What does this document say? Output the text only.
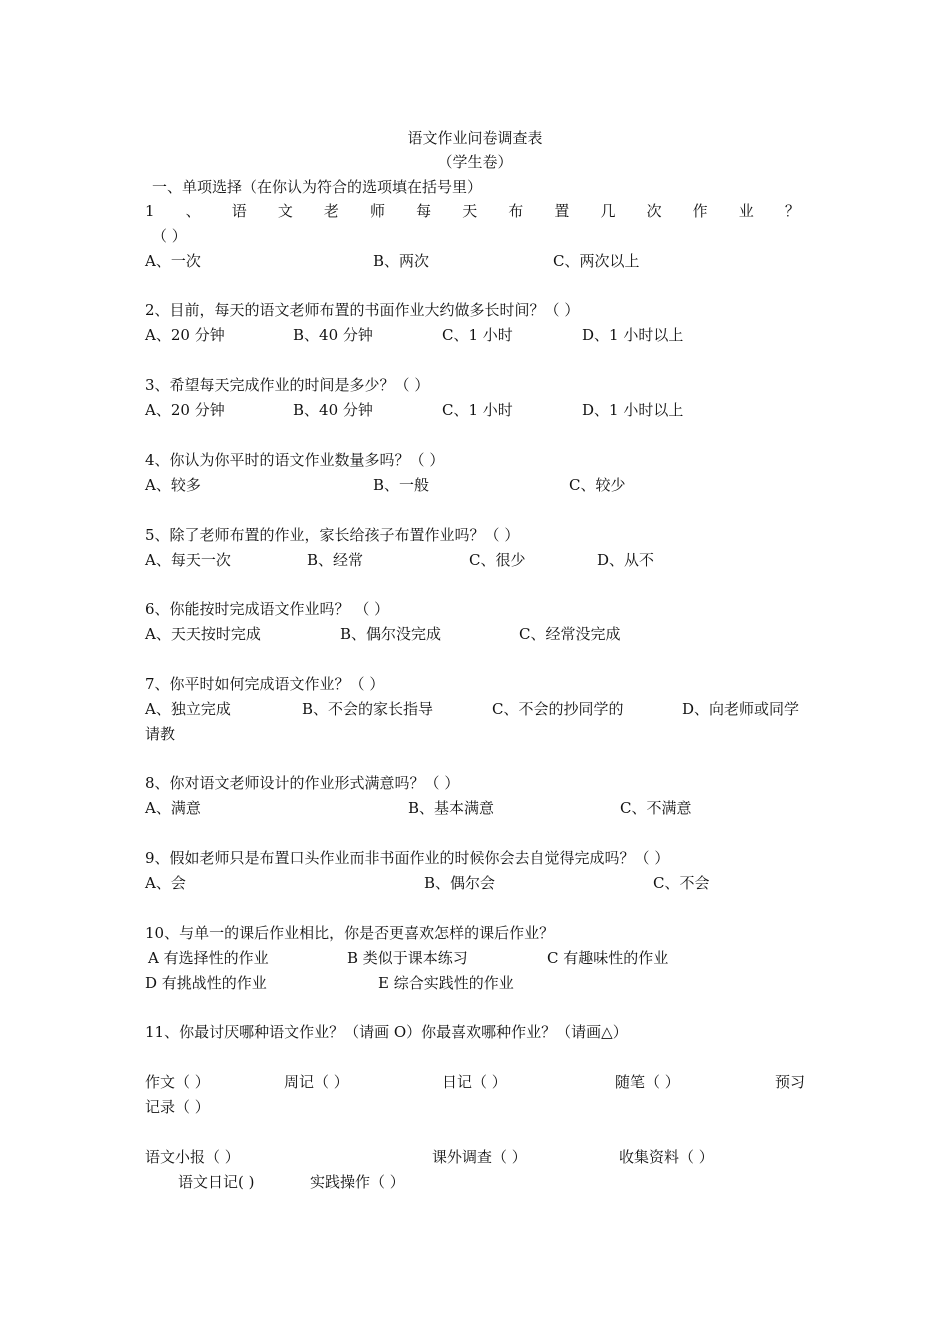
语文作业问卷调查表
（学生卷）
一、单项选择（在你认为符合的选项填在括号里）
1 、 语 文 老 师 每 天 布 置 几 次 作 业 ？
（ ）
A、一次	B、两次	C、两次以上
2、目前，每天的语文老师布置的书面作业大约做多长时间？（ ）
A、20 分钟	B、40 分钟	C、1 小时	D、1 小时以上
3、希望每天完成作业的时间是多少？（ ）
A、20 分钟	B、40 分钟	C、1 小时	D、1 小时以上
4、你认为你平时的语文作业数量多吗？（ ）
A、较多	B、一般	C、较少
5、除了老师布置的作业，家长给孩子布置作业吗？（ ）
A、每天一次	B、经常	C、很少	D、从不
6、你能按时完成语文作业吗？ （ ）
A、天天按时完成	B、偶尔没完成	C、经常没完成
7、你平时如何完成语文作业？（ ）
A、独立完成	B、不会的家长指导	C、不会的抄同学的	D、向老师或同学
请教
8、你对语文老师设计的作业形式满意吗？（ ）
A、满意	B、基本满意	C、不满意
9、假如老师只是布置口头作业而非书面作业的时候你会去自觉得完成吗？（ ）
A、会	B、偶尔会	C、不会
10、与单一的课后作业相比，你是否更喜欢怎样的课后作业？
A 有选择性的作业	B 类似于课本练习	C 有趣味性的作业
D 有挑战性的作业	E 综合实践性的作业
11、你最讨厌哪种语文作业？（请画 O）你最喜欢哪种作业？（请画△）
作文（ ）	周记（ ）	日记（ ）	随笔（ ）	预习
记录（ ）
语文小报（ ）	课外调查（ ）	收集资料（ ）
语文日记( )	实践操作（ ）
